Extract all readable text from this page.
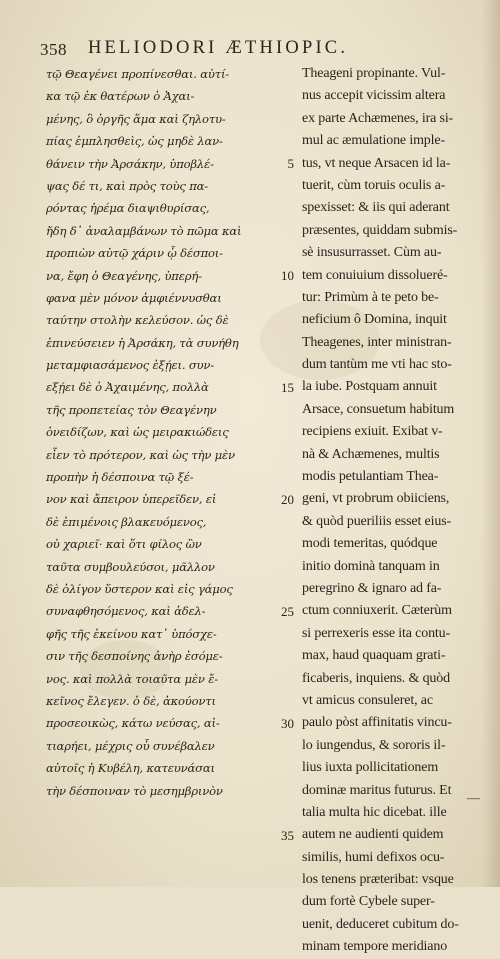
358 HELIODORI ÆTHIOPIC.
τῷ Θεαγένει προπίνεσθαι. αὐτί-
κα τῷ ἐκ θατέρων ὁ Ἀχαι-
μένης, ὃ ὀργῆς ἅμα καὶ ζηλοτυ-
πίας ἐμπλησθεὶς, ὡς μηδὲ λαν-
θάνειν τὴν Ἀρσάκην, ὑποβλέ-
ψας δέ τι, καὶ πρὸς τοὺς πα-
ρόντας ἠρέμα διαψιθυρίσας,
ἤδη δ᾽ ἀναλαμβάνων τὸ πῶμα καὶ
προπιὼν αὐτῷ χάριν ᾧ δέσποι-
να, ἔφη ὁ Θεαγένης, ὑπερή-
φανα μὲν μόνον ἀμφιέννυσθαι
ταύτην στολὴν κελεύσον. ὡς δὲ
ἐπινεύσειεν ἡ Ἀρσάκη, τὰ συνήθη
μεταμφιασάμενος ἐξῄει. συν-
εξῄει δὲ ὁ Ἀχαιμένης, πολλὰ
τῆς προπετείας τὸν Θεαγένην
ὀνειδίζων, καὶ ὡς μειρακιώδεις
εἶεν τὸ πρότερον, καὶ ὡς τὴν μὲν
προπὴν ἡ δέσποινα τῷ ξέ-
νον καὶ ἄπειρον ὑπερεῖδεν, εἰ
δὲ ἐπιμένοις βλακευόμενος,
οὐ χαριεῖ· καὶ ὅτι φίλος ὢν
ταῦτα συμβουλεύσοι, μᾶλλον
δὲ ὀλίγον ὕστερον καὶ εἰς γάμος
συναφθησόμενος, καὶ ἀδελ-
φῆς τῆς ἐκείνου κατ᾽ ὑπόσχε-
σιν τῆς δεσποίνης ἀνὴρ ἐσόμε-
νος. καὶ πολλὰ τοιαῦτα μὲν ἔ-
κεῖνος ἔλεγεν. ὁ δὲ, ἀκούοντι
προσεοικὼς, κάτω νεύσας, αἰ-
τιαρήει, μέχρις οὗ συνέβαλεν
αὐτοῖς ἡ Κυβέλη, κατευνάσαι
τὴν δέσποιναν τὸ μεσημβρινὸν
5
10
15
20
25
30
35
Theageni propinante. Vul-
nus accepit vicissim altera
ex parte Achæmenes, ira si-
mul ac æmulatione imple-
tus, vt neque Arsacen id la-
tuerit, cùm toruis oculis a-
spexisset: & iis qui aderant
præsentes, quiddam submis-
sè insusurrasset. Cùm au-
tem conuiuium dissolueré-
tur: Primùm à te peto be-
neficium ô Domina, inquit
Theagenes, inter ministran-
dum tantùm me vti hac sto-
la iube. Postquam annuit
Arsace, consuetum habitum
recipiens exiuit. Exibat v-
nà & Achæmenes, multis
modis petulantiam Thea-
geni, vt probrum obiiciens,
& quòd pueriliis esset eius-
modi temeritas, quódque
initio dominà tanquam in
peregrino & ignaro ad fa-
ctum conniuxerit. Cæterùm
si perrexeris esse ita contu-
max, haud quaquam grati-
ficaberis, inquiens. & quòd
vt amicus consuleret, ac
paulo pòst affinitatis vincu-
lo iungendus, & sororis il-
lius iuxta pollicitationem
dominæ maritus futurus. Et
talia multa hic dicebat. ille
autem ne audienti quidem
similis, humi defixos ocu-
los tenens præteribat: vsque
dum fortè Cybele super-
uenit, deduceret cubitum do-
minam tempore meridiano
—
